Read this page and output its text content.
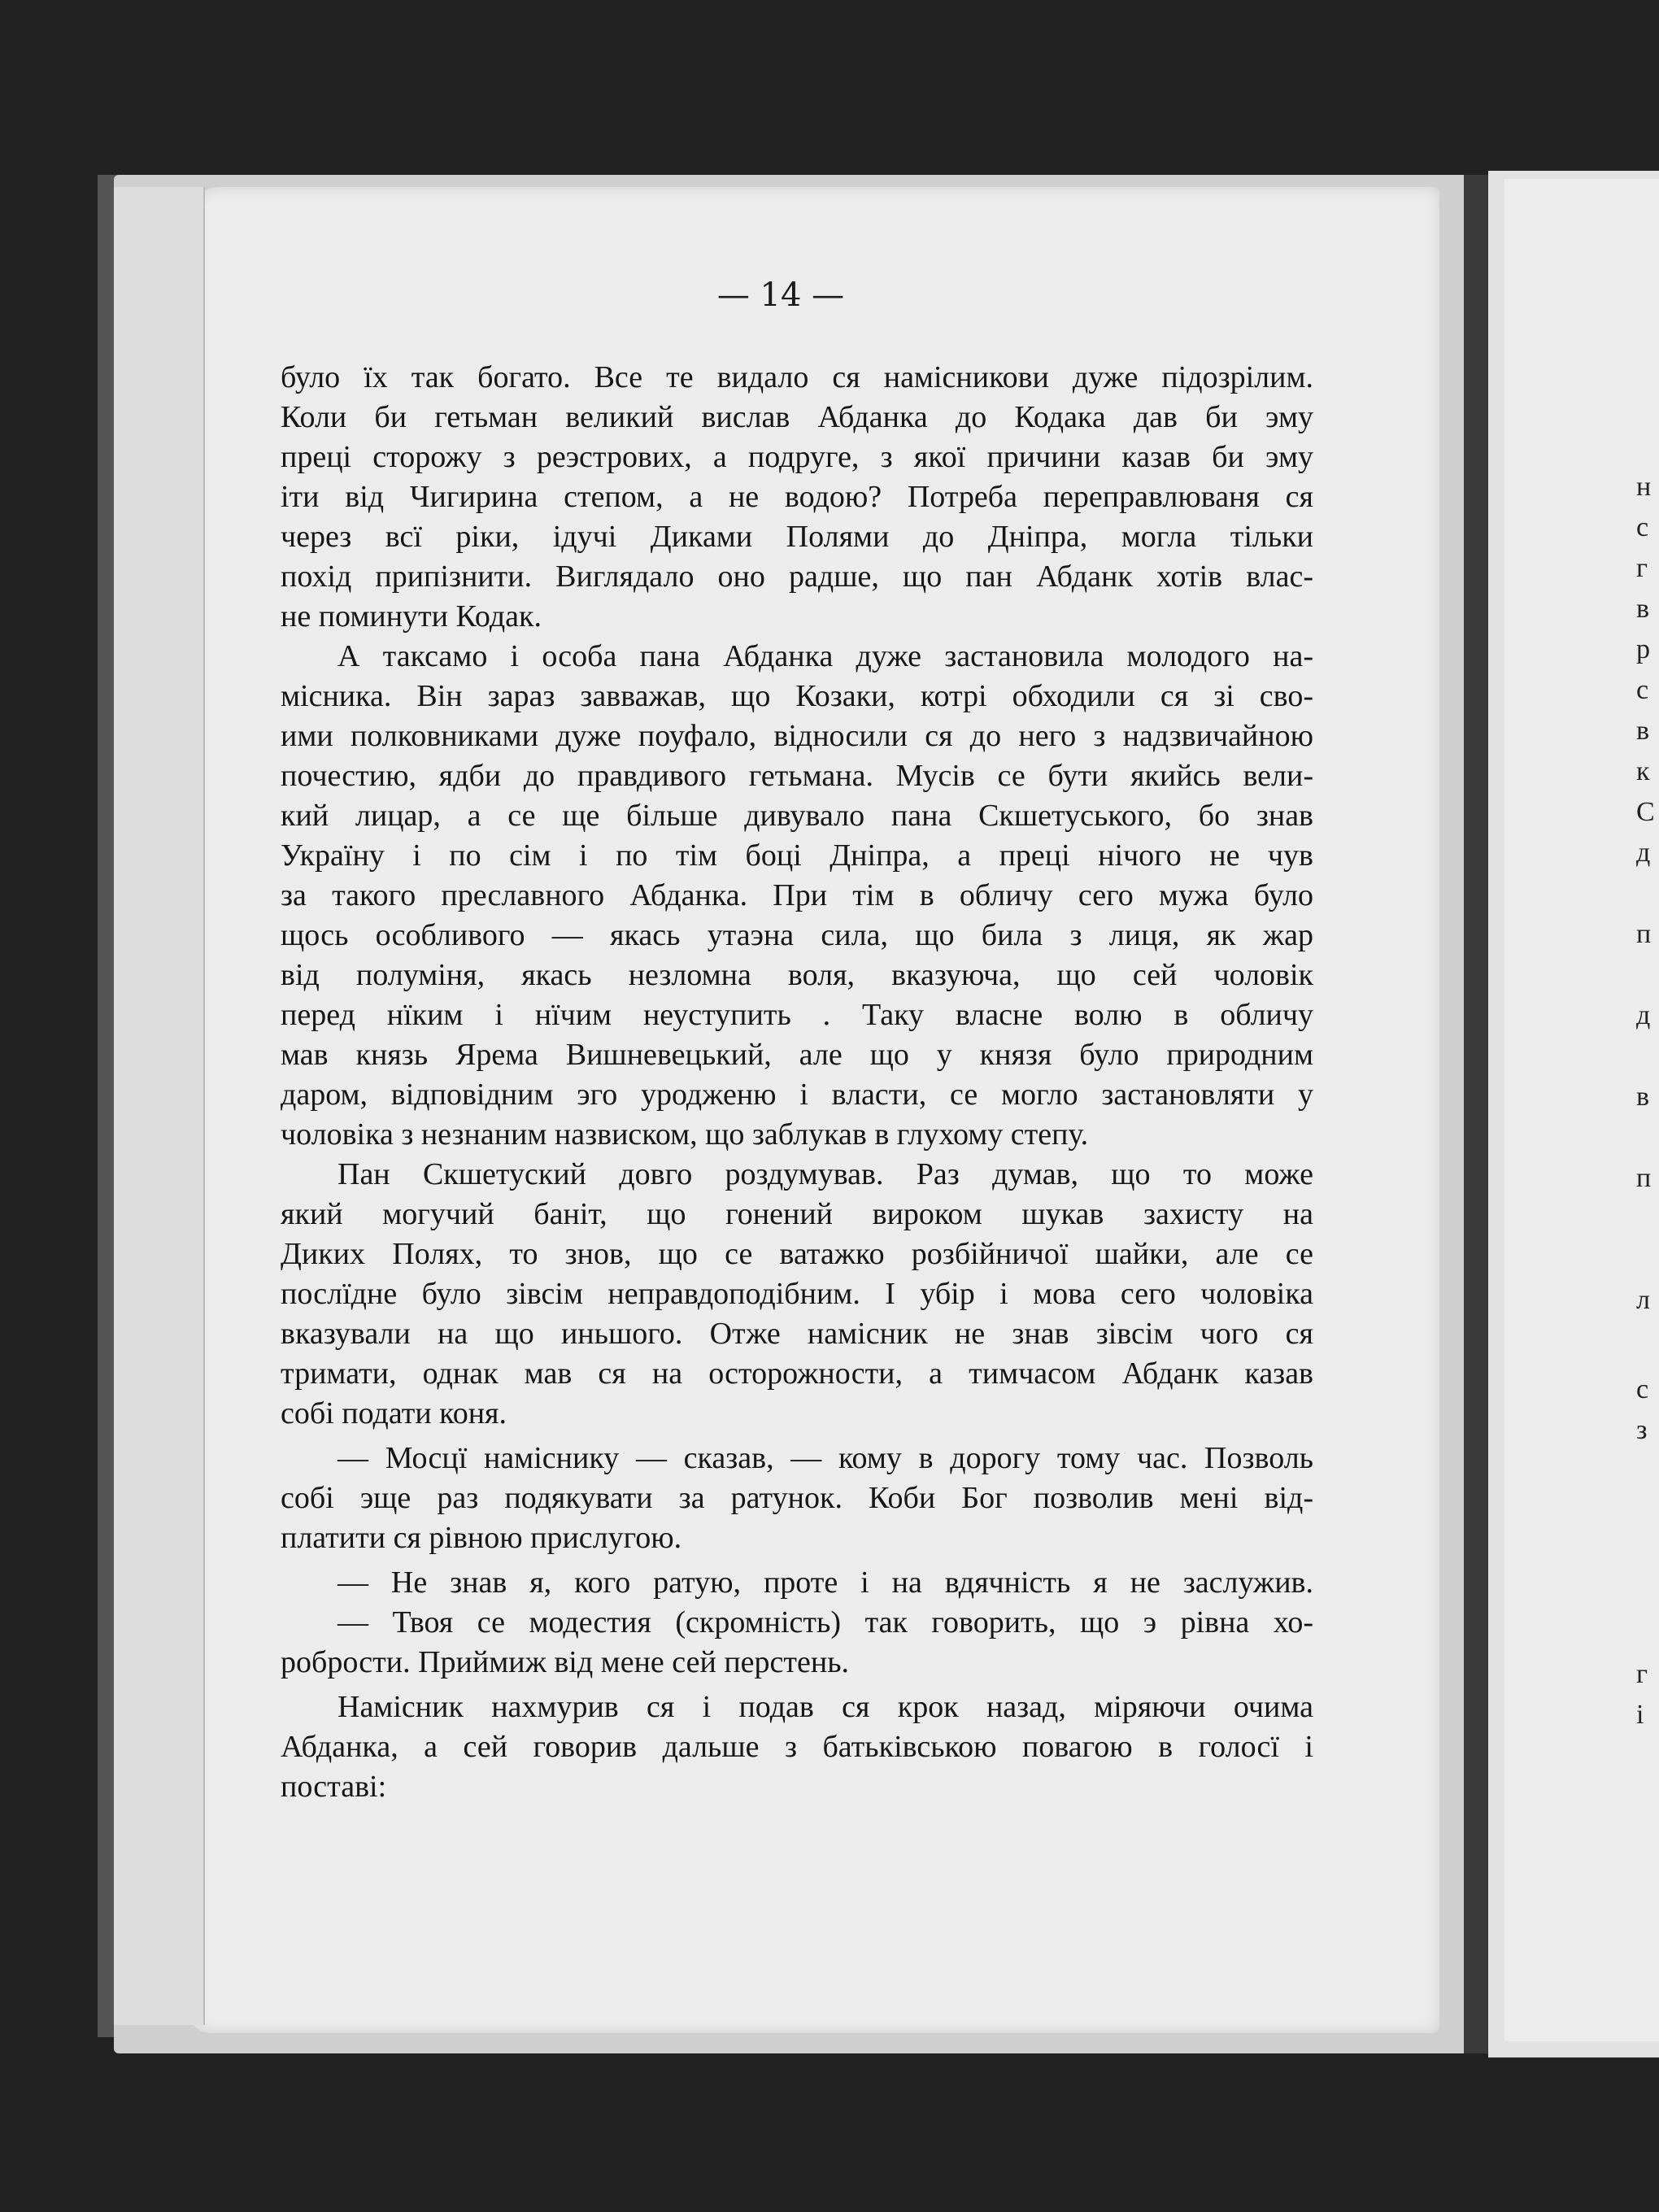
— 14 —
було їх так богато. Все те видало ся намісникови дуже підозрілим.
Коли би гетьман великий вислав Абданка до Кодака дав би эму
преці сторожу з реэстрових, а подруге, з якої причини казав би эму
іти від Чигирина степом, а не водою? Потреба переправлюваня ся
через всї ріки, ідучі Диками Полями до Дніпра, могла тільки
похід припізнити. Виглядало оно радше, що пан Абданк хотів влас-
не поминути Кодак.
А таксамо і особа пана Абданка дуже застановила молодого на-
місника. Він зараз завважав, що Козаки, котрі обходили ся зі сво-
ими полковниками дуже поуфало, відносили ся до него з надзвичайною
почестию, ядби до правдивого гетьмана. Мусів се бути якийсь вели-
кий лицар, а се ще більше дивувало пана Скшетуського, бо знав
Україну і по сім і по тім боці Дніпра, а преці нічого не чув
за такого преславного Абданка. При тім в обличу сего мужа було
щось особливого — якась утаэна сила, що била з лиця, як жар
від полуміня, якась незломна воля, вказуюча, що сей чоловік
перед нїким і нїчим неуступить . Таку власне волю в обличу
мав князь Ярема Вишневецький, але що у князя було природним
даром, відповідним эго уродженю і власти, се могло застановляти у
чоловіка з незнаним назвиском, що заблукав в глухому степу.
Пан Скшетуский довго роздумував. Раз думав, що то може
який могучий баніт, що гонений вироком шукав захисту на
Диких Полях, то знов, що се ватажко розбійничої шайки, але се
послїдне було зівсім неправдоподібним. І убір і мова сего чоловіка
вказували на що иньшого. Отже намісник не знав зівсім чого ся
тримати, однак мав ся на осторожности, а тимчасом Абданк казав
собі подати коня.
— Мосцї наміснику — сказав, — кому в дорогу тому час. Позволь
собі эще раз подякувати за ратунок. Коби Бог позволив мені від-
платити ся рівною прислугою.
— Не знав я, кого ратую, проте і на вдячність я не заслужив.
— Твоя се модестия (скромність) так говорить, що э рівна хо-
робрости. Приймиж від мене сей перстень.
Намісник нахмурив ся і подав ся крок назад, міряючи очима
Абданка, а сей говорив дальше з батьківською повагою в голосї і
поставі:
н
с
г
в
р
с
в
к
С
д
п
д
в
п
л
с
з
г
і
